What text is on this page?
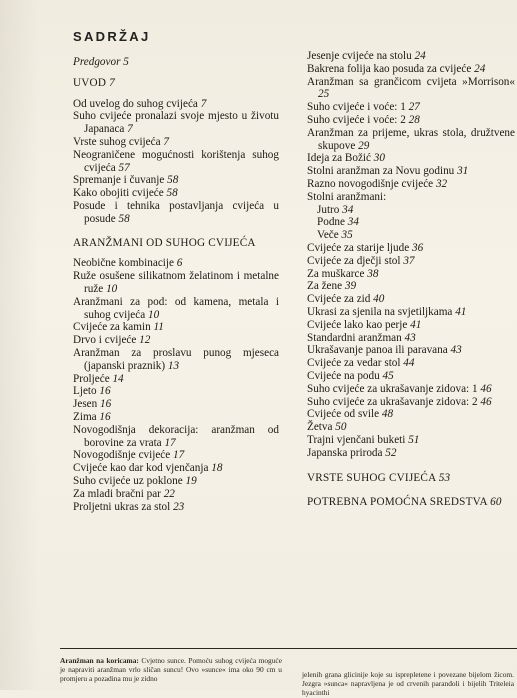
SADRŽAJ

Predgovor 5

UVOD 7

Od uvelog do suhog cvijeća 7

Suho cvijeće pronalazi svoje mjesto u životu Japanaca 7

Vrste suhog cvijeća 7

Neograničene mogućnosti korištenja suhog cvijeća 57

Spremanje i čuvanje 58

Kako obojiti cvijeće 58

Posude i tehnika postavljanja cvijeća u posude 58

ARANŽMANI OD SUHOG CVIJEĆA

Neobične kombinacije 6

Ruže osušene silikatnom želatinom i metalne ruže 10

Aranžmani za pod: od kamena, metala i suhog cvijeća 10

Cvijeće za kamin 11

Drvo i cvijeće 12

Aranžman za proslavu punog mjeseca (japanski praznik) 13

Proljeće 14

Ljeto 16

Jesen 16

Zima 16

Novogodišnja dekoracija: aranžman od borovine za vrata 17

Novogodišnje cvijeće 17

Cvijeće kao dar kod vjenčanja 18

Suho cvijeće uz poklone 19

Za mladi bračni par 22

Proljetni ukras za stol 23

Jesenje cvijeće na stolu 24

Bakrena folija kao posuda za cvijeće 24

Aranžman sa grančicom cvijeta »Morrison« 25

Suho cvijeće i voće: 1 27

Suho cvijeće i voće: 2 28

Aranžman za prijeme, ukras stola, družtvene skupove 29

Ideja za Božić 30

Stolni aranžman za Novu godinu 31

Razno novogodišnje cvijeće 32

Stolni aranžmani:

Jutro 34

Podne 34

Veče 35

Cvijeće za starije ljude 36

Cvijeće za dječji stol 37

Za muškarce 38

Za žene 39

Cvijeće za zid 40

Ukrasi za sjenila na svjetiljkama 41

Cvijeće lako kao perje 41

Standardni aranžman 43

Ukrašavanje panoa ili paravana 43

Cvijeće za vedar stol 44

Cvijeće na podu 45

Suho cvijeće za ukrašavanje zidova: 1 46

Suho cvijeće za ukrašavanje zidova: 2 46

Cvijeće od svile 48

Žetva 50

Trajni vjenčani buketi 51

Japanska priroda 52

VRSTE SUHOG CVIJEĆA 53

POTREBNA POMOĆNA SREDSTVA 60

Aranžman na koricama: Cvjetno sunce. Pomoću suhog cvijeća moguće je napraviti aranžman vrlo sličan suncu! Ovo »sunce« ima oko 90 cm u promjeru a pozadina mu je zidno	jelenih grana glicinije koje su isprepletene i povezane bijelom žicom. Jezgra »sunca« napravljena je od crvenih paranđoli i bijelih Triteleia hyacinthi
